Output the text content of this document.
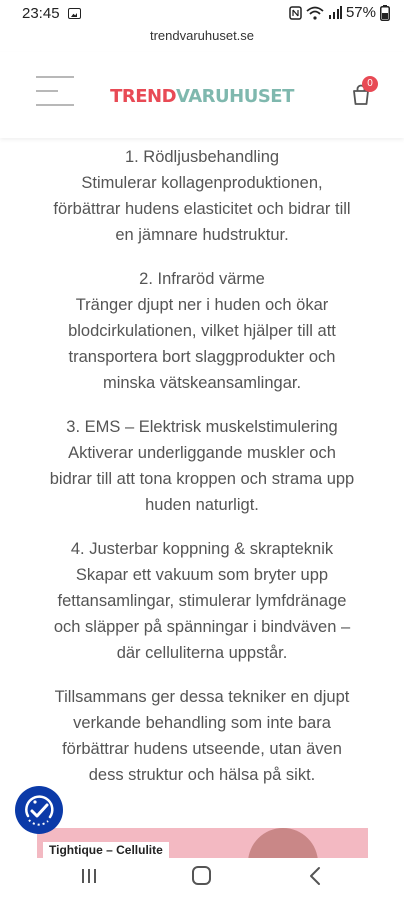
23:45	57%
trendvaruhuset.se
TRENDVARUHUSET
0

1. Rödljusbehandling

Stimulerar kollagenproduktionen,

förbättrar hudens elasticitet och bidrar till

en jämnare hudstruktur.

2. Infraröd värme

Tränger djupt ner i huden och ökar

blodcirkulationen, vilket hjälper till att

transportera bort slaggprodukter och

minska vätskeansamlingar.

3. EMS – Elektrisk muskelstimulering

Aktiverar underliggande muskler och

bidrar till att tona kroppen och strama upp

huden naturligt.

4. Justerbar koppning & skrapteknik

Skapar ett vakuum som bryter upp

fettansamlingar, stimulerar lymfdränage

och släpper på spänningar i bindväven –

där celluliterna uppstår.

Tillsammans ger dessa tekniker en djupt

verkande behandling som inte bara

förbättrar hudens utseende, utan även

dess struktur och hälsa på sikt.

Tightique – Cellulite
